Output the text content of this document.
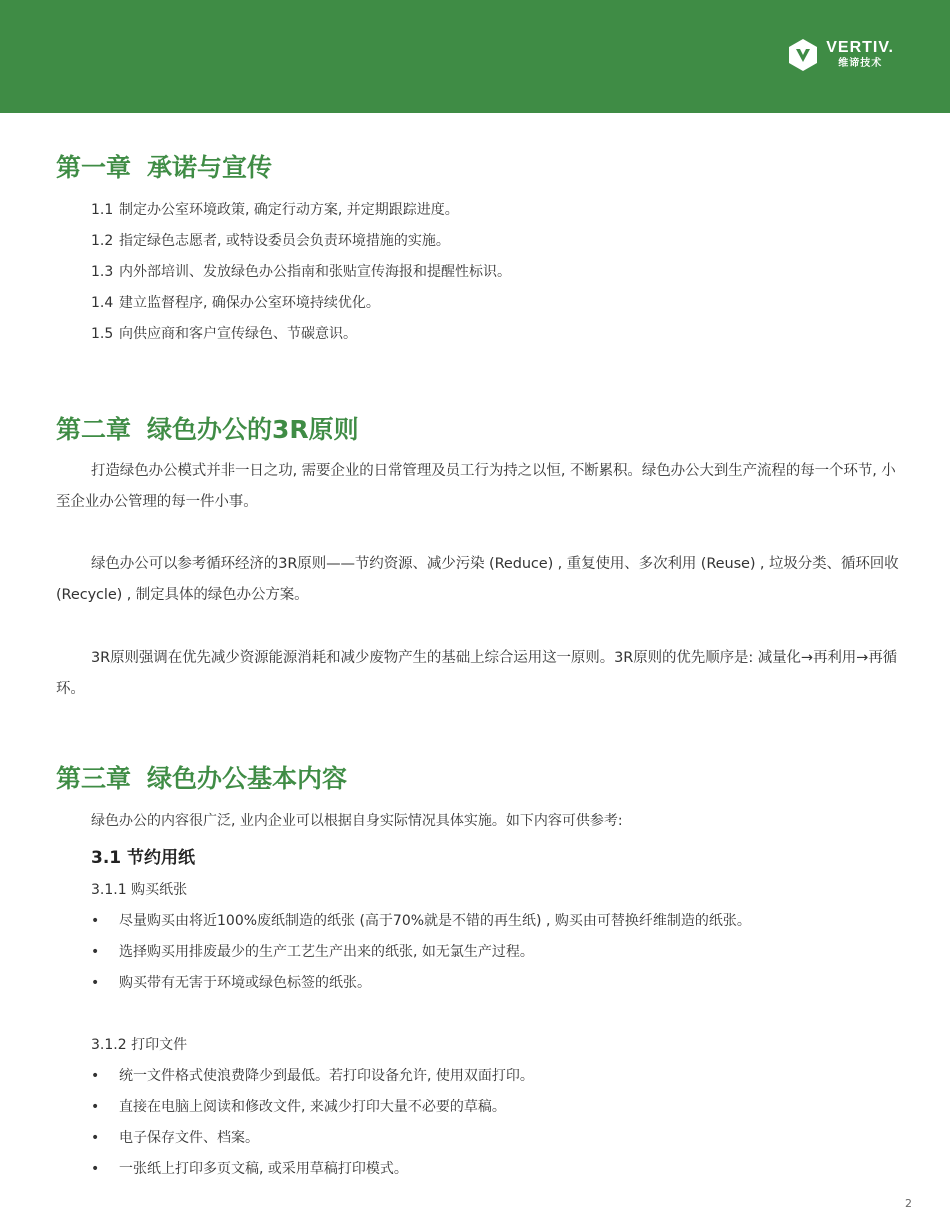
VERTIV.
维谛技术
第一章 承诺与宣传
1.1 制定办公室环境政策, 确定行动方案, 并定期跟踪进度。
1.2 指定绿色志愿者, 或特设委员会负责环境措施的实施。
1.3 内外部培训、发放绿色办公指南和张贴宣传海报和提醒性标识。
1.4 建立监督程序, 确保办公室环境持续优化。
1.5 向供应商和客户宣传绿色、节碳意识。
第二章 绿色办公的3R原则

打造绿色办公模式并非一日之功, 需要企业的日常管理及员工行为持之以恒, 不断累积。绿色办公大到生产流程的每一个环节, 小至企业办公管理的每一件小事。

绿色办公可以参考循环经济的3R原则——节约资源、减少污染 (Reduce) , 重复使用、多次利用 (Reuse) , 垃圾分类、循环回收 (Recycle) , 制定具体的绿色办公方案。

3R原则强调在优先减少资源能源消耗和减少废物产生的基础上综合运用这一原则。3R原则的优先顺序是: 减量化→再利用→再循环。

第三章 绿色办公基本内容
绿色办公的内容很广泛, 业内企业可以根据自身实际情况具体实施。如下内容可供参考:
3.1 节约用纸
3.1.1 购买纸张
• 尽量购买由将近100%废纸制造的纸张 (高于70%就是不错的再生纸) , 购买由可替换纤维制造的纸张。
• 选择购买用排废最少的生产工艺生产出来的纸张, 如无氯生产过程。
• 购买带有无害于环境或绿色标签的纸张。
3.1.2 打印文件
• 统一文件格式使浪费降少到最低。若打印设备允许, 使用双面打印。
• 直接在电脑上阅读和修改文件, 来减少打印大量不必要的草稿。
• 电子保存文件、档案。
• 一张纸上打印多页文稿, 或采用草稿打印模式。
2
